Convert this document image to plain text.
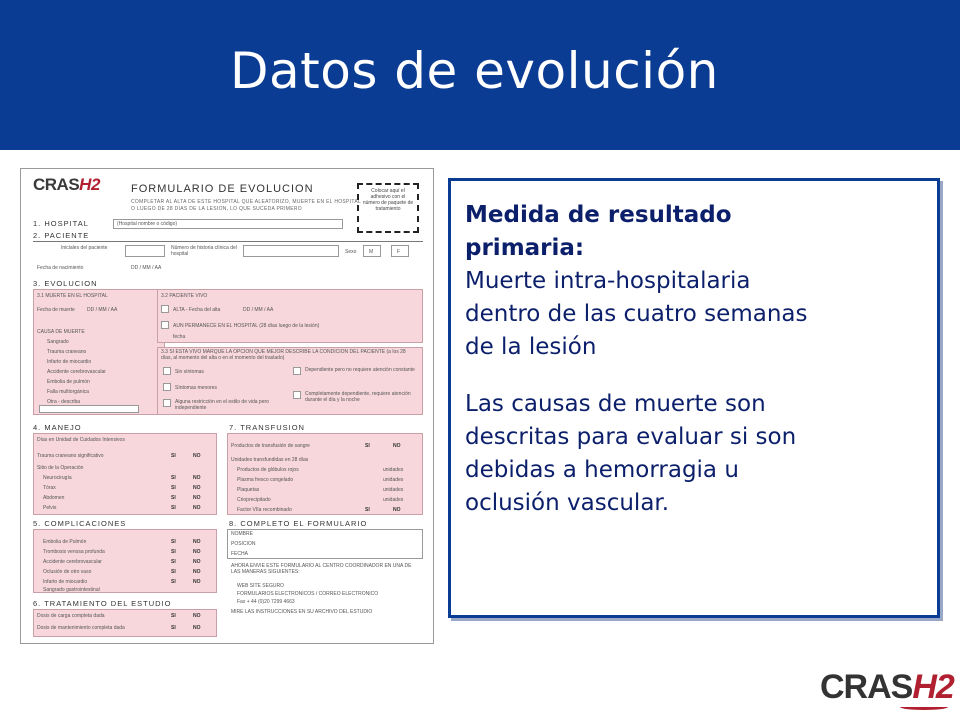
Datos de evolución
CRASH2	FORMULARIO DE EVOLUCION
COMPLETAR AL ALTA DE ESTE HOSPITAL QUE ALEATORIZO, MUERTE EN EL HOSPITAL O LUEGO DE 28 DIAS DE LA LESION, LO QUE SUCEDA PRIMERO
Colocar aquí el adhesivo con el número de paquete de tratamiento
1. HOSPITAL	(Hospital nombre o código)
2. PACIENTE
Iniciales del paciente	Número de historia clínica del hospital	Sexo	M	F
Fecha de nacimiento	DD / MM / AA
3. EVOLUCION
3.1 MUERTE EN EL HOSPITAL
Fecha de muerte DD / MM / AA
CAUSA DE MUERTE
Sangrado
Trauma craneano
Infarto de miocardio
Accidente cerebrovascular
Embolia de pulmón
Falla multiorgánica
Otra - describa
3.2 PACIENTE VIVO
ALTA - Fecha del alta	DD / MM / AA
AUN PERMANECE EN EL HOSPITAL (28 días luego de la lesión)
fecha
3.3 SI ESTA VIVO MARQUE LA OPCION QUE MEJOR DESCRIBE LA CONDICION DEL PACIENTE (a los 28 días, al momento del alta o en el momento del traslado)
Sin síntomas
Síntomas menores
Alguna restricción en el estilo de vida pero independiente
Dependiente pero no requiere atención constante
Completamente dependiente, requiere atención durante el día y la noche
4. MANEJO
Días en Unidad de Cuidados Intensivos
Trauma craneano significativo	SI	NO
Sitio de la Operación
Neurocirugía	SI	NO
Tórax	SI	NO
Abdomen	SI	NO
Pelvis	SI	NO
7. TRANSFUSION
Productos de transfusión de sangre	SI	NO
Unidades transfundidas en 28 días
Productos de glóbulos rojos	unidades
Plasma fresco congelado	unidades
Plaquetas	unidades
Crioprecipitado	unidades
Factor VIIa recombinado	SI	NO
5. COMPLICACIONES
Embolia de Pulmón	SI	NO
Trombosis venosa profunda	SI	NO
Accidente cerebrovascular	SI	NO
Oclusión de otro vaso	SI	NO
Infarto de miocardio	SI	NO
Sangrado gastrointestinal
8. COMPLETO EL FORMULARIO
NOMBRE
POSICION
FECHA
AHORA ENVIE ESTE FORMULARIO AL CENTRO COORDINADOR EN UNA DE LAS MANERAS SIGUIENTES:
WEB SITE SEGURO
FORMULARIOS ELECTRONICOS / CORREO ELECTRONICO
Fax + 44 (0)20 7299 4663
MIRE LAS INSTRUCCIONES EN SU ARCHIVO DEL ESTUDIO
6. TRATAMIENTO DEL ESTUDIO
Dosis de carga completa dada	SI	NO
Dosis de mantenimiento completa dada	SI	NO
Medida de resultado
primaria:
Muerte intra-hospitalaria
dentro de las cuatro semanas
de la lesión
Las causas de muerte son
descritas para evaluar si son
debidas a hemorragia u
oclusión vascular.
CRASH2
